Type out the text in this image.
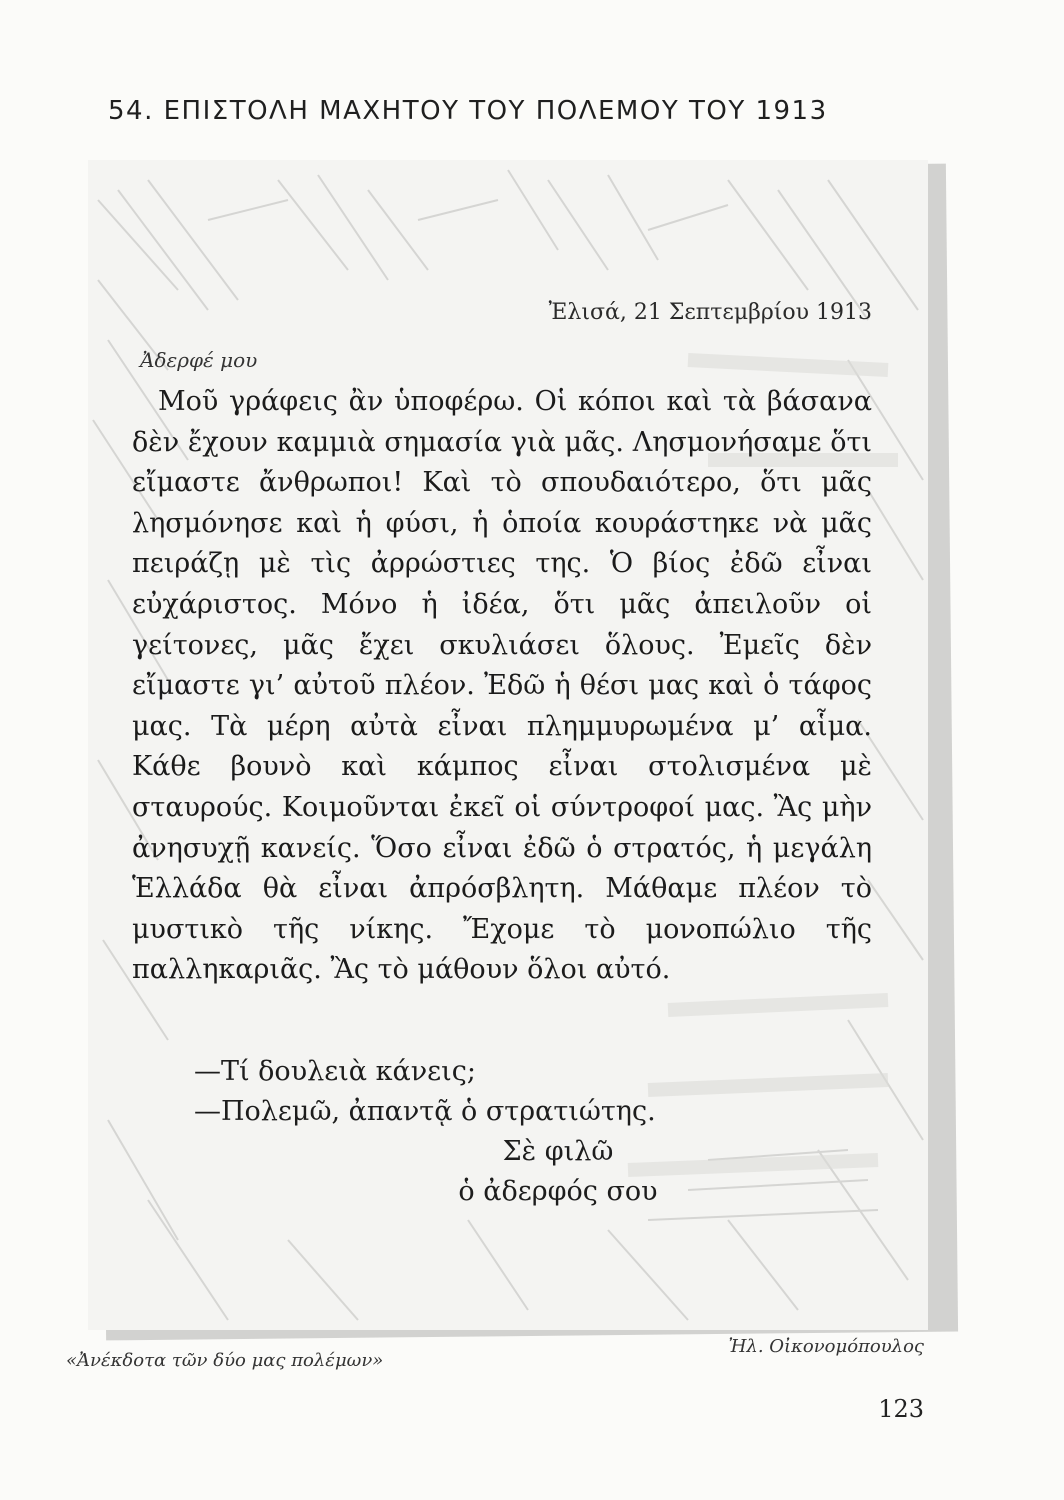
54. ΕΠΙΣΤΟΛΗ ΜΑΧΗΤΟΥ ΤΟΥ ΠΟΛΕΜΟΥ ΤΟΥ 1913
Ἐλισά, 21 Σεπτεμβρίου 1913
Ἀδερφέ μου

Μοῦ γράφεις ἂν ὑποφέρω. Οἱ κόποι καὶ τὰ βάσανα δὲν ἔχουν καμμιὰ σημασία γιὰ μᾶς. Λησμονήσαμε ὅτι εἴμαστε ἄνθρωποι! Καὶ τὸ σπουδαιότερο, ὅτι μᾶς λησμόνησε καὶ ἡ φύσι, ἡ ὁποία κουράστηκε νὰ μᾶς πειράζῃ μὲ τὶς ἀρρώστιες της. Ὁ βίος ἐδῶ εἶναι εὐχάριστος. Μόνο ἡ ἰδέα, ὅτι μᾶς ἀπειλοῦν οἱ γείτονες, μᾶς ἔχει σκυλιάσει ὅλους. Ἐμεῖς δὲν εἴμαστε γι’ αὐτοῦ πλέον. Ἐδῶ ἡ θέσι μας καὶ ὁ τάφος μας. Τὰ μέρη αὐτὰ εἶναι πλημμυρωμένα μ’ αἷμα. Κάθε βουνὸ καὶ κάμπος εἶναι στολισμένα μὲ σταυρούς. Κοιμοῦνται ἐκεῖ οἱ σύντροφοί μας. Ἂς μὴν ἀνησυχῇ κανείς. Ὅσο εἶναι ἐδῶ ὁ στρατός, ἡ μεγάλη Ἑλλάδα θὰ εἶναι ἀπρόσβλητη. Μάθαμε πλέον τὸ μυστικὸ τῆς νίκης. Ἔχομε τὸ μονοπώλιο τῆς παλληκαριᾶς. Ἂς τὸ μάθουν ὅλοι αὐτό.

—Τί δουλειὰ κάνεις;
—Πολεμῶ, ἀπαντᾷ ὁ στρατιώτης.
Σὲ φιλῶ
ὁ ἀδερφός σου
Ἠλ. Οἰκονομόπουλος
«Ἀνέκδοτα τῶν δύο μας πολέμων»
123
